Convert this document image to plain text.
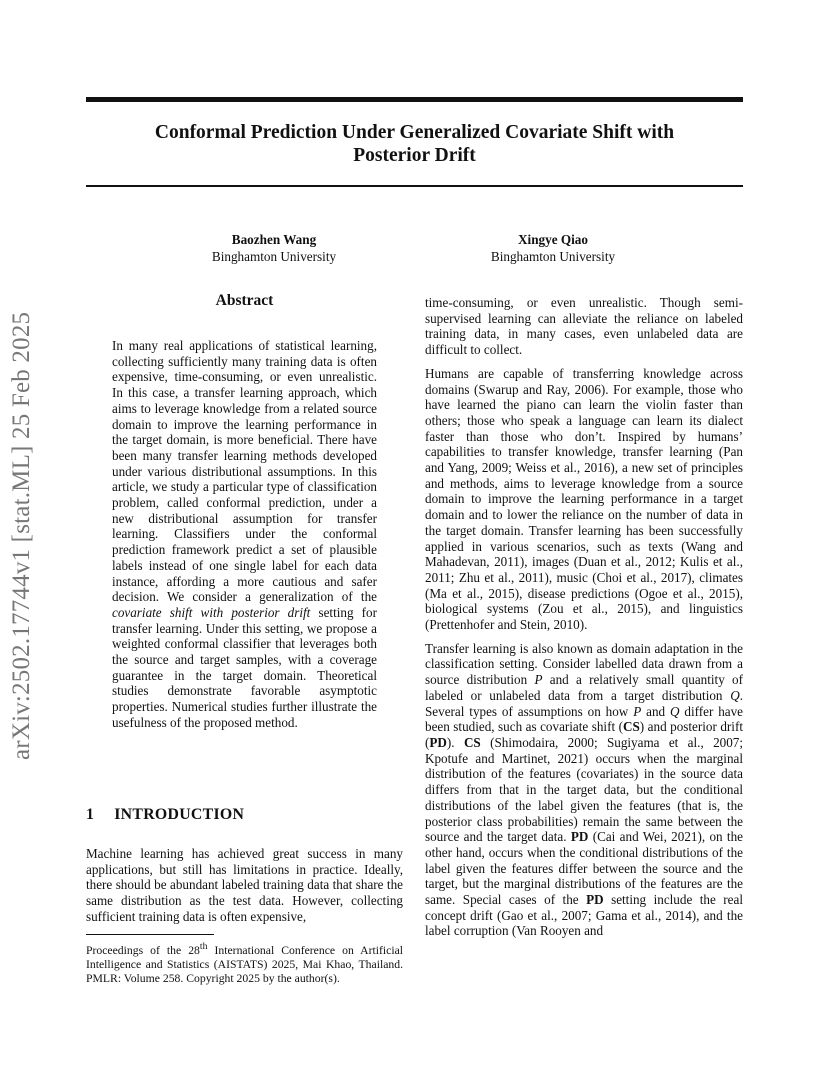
arXiv:2502.17744v1 [stat.ML] 25 Feb 2025
Conformal Prediction Under Generalized Covariate Shift with
Posterior Drift
Baozhen Wang
Binghamton University
Xingye Qiao
Binghamton University
Abstract

In many real applications of statistical learning, collecting sufficiently many training data is often expensive, time-consuming, or even unrealistic. In this case, a transfer learning approach, which aims to leverage knowledge from a related source domain to improve the learning performance in the target domain, is more beneficial. There have been many transfer learning methods developed under various distributional assumptions. In this article, we study a particular type of classification problem, called conformal prediction, under a new distributional assumption for transfer learning. Classifiers under the conformal prediction framework predict a set of plausible labels instead of one single label for each data instance, affording a more cautious and safer decision. We consider a generalization of the covariate shift with posterior drift setting for transfer learning. Under this setting, we propose a weighted conformal classifier that leverages both the source and target samples, with a coverage guarantee in the target domain. Theoretical studies demonstrate favorable asymptotic properties. Numerical studies further illustrate the usefulness of the proposed method.

1 INTRODUCTION

Machine learning has achieved great success in many applications, but still has limitations in practice. Ideally, there should be abundant labeled training data that share the same distribution as the test data. However, collecting sufficient training data is often expensive,

Proceedings of the 28th International Conference on Artificial Intelligence and Statistics (AISTATS) 2025, Mai Khao, Thailand. PMLR: Volume 258. Copyright 2025 by the author(s).

time-consuming, or even unrealistic. Though semi-supervised learning can alleviate the reliance on labeled training data, in many cases, even unlabeled data are difficult to collect.

Humans are capable of transferring knowledge across domains (Swarup and Ray, 2006). For example, those who have learned the piano can learn the violin faster than others; those who speak a language can learn its dialect faster than those who don’t. Inspired by humans’ capabilities to transfer knowledge, transfer learning (Pan and Yang, 2009; Weiss et al., 2016), a new set of principles and methods, aims to leverage knowledge from a source domain to improve the learning performance in a target domain and to lower the reliance on the number of data in the target domain. Transfer learning has been successfully applied in various scenarios, such as texts (Wang and Mahadevan, 2011), images (Duan et al., 2012; Kulis et al., 2011; Zhu et al., 2011), music (Choi et al., 2017), climates (Ma et al., 2015), disease predictions (Ogoe et al., 2015), biological systems (Zou et al., 2015), and linguistics (Prettenhofer and Stein, 2010).

Transfer learning is also known as domain adaptation in the classification setting. Consider labelled data drawn from a source distribution P and a relatively small quantity of labeled or unlabeled data from a target distribution Q. Several types of assumptions on how P and Q differ have been studied, such as covariate shift (CS) and posterior drift (PD). CS (Shimodaira, 2000; Sugiyama et al., 2007; Kpotufe and Martinet, 2021) occurs when the marginal distribution of the features (covariates) in the source data differs from that in the target data, but the conditional distributions of the label given the features (that is, the posterior class probabilities) remain the same between the source and the target data. PD (Cai and Wei, 2021), on the other hand, occurs when the conditional distributions of the label given the features differ between the source and the target, but the marginal distributions of the features are the same. Special cases of the PD setting include the real concept drift (Gao et al., 2007; Gama et al., 2014), and the label corruption (Van Rooyen and
